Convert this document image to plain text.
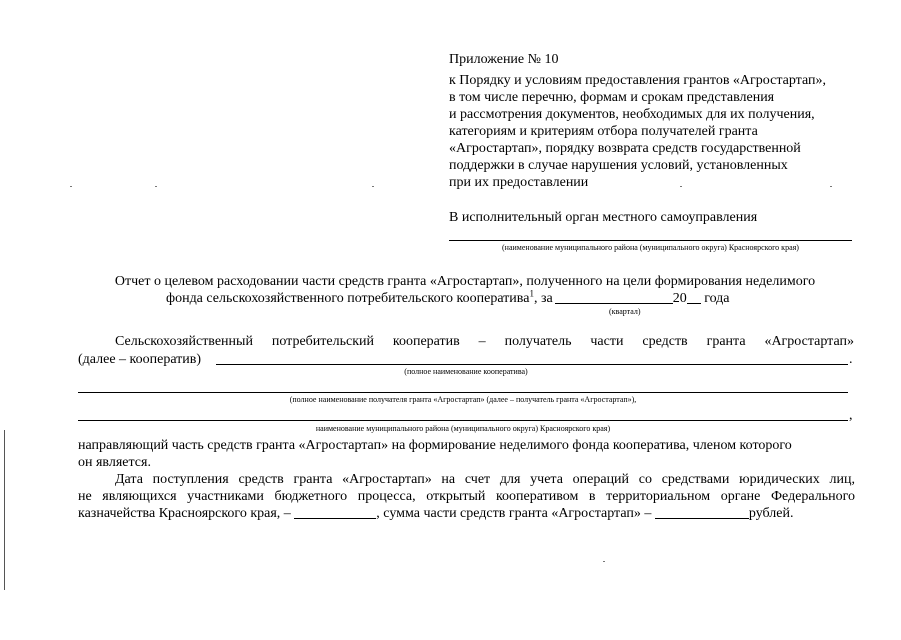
Приложение № 10
к Порядку и условиям предоставления грантов «Агростартап»,
в том числе перечню, формам и срокам представления
и рассмотрения документов, необходимых для их получения,
категориям и критериям отбора получателей гранта
«Агростартап», порядку возврата средств государственной
поддержки в случае нарушения условий, установленных
при их предоставлении
В исполнительный орган местного самоуправления
(наименование муниципального района (муниципального округа) Красноярского края)
Отчет о целевом расходовании части средств гранта «Агростартап», полученного на цели формирования неделимого
фонда сельскохозяйственного потребительского кооператива$^1$, за	20 года
(квартал)
Сельскохозяйственный потребительский кооператив – получатель части средств гранта «Агростартап»
(далее – кооператив)	.
(полное наименование кооператива)
(полное наименование получателя гранта «Агростартап» (далее – получатель гранта «Агростартап»),
,
наименование муниципального района (муниципального округа) Красноярского края)
направляющий часть средств гранта «Агростартап» на формирование неделимого фонда кооператива, членом которого
он является.
Дата поступления средств гранта «Агростартап» на счет для учета операций со средствами юридических лиц,
не являющихся участниками бюджетного процесса, открытый кооперативом в территориальном органе Федерального
казначейства Красноярского края, –	, сумма части средств гранта «Агростартап» –	рублей.
